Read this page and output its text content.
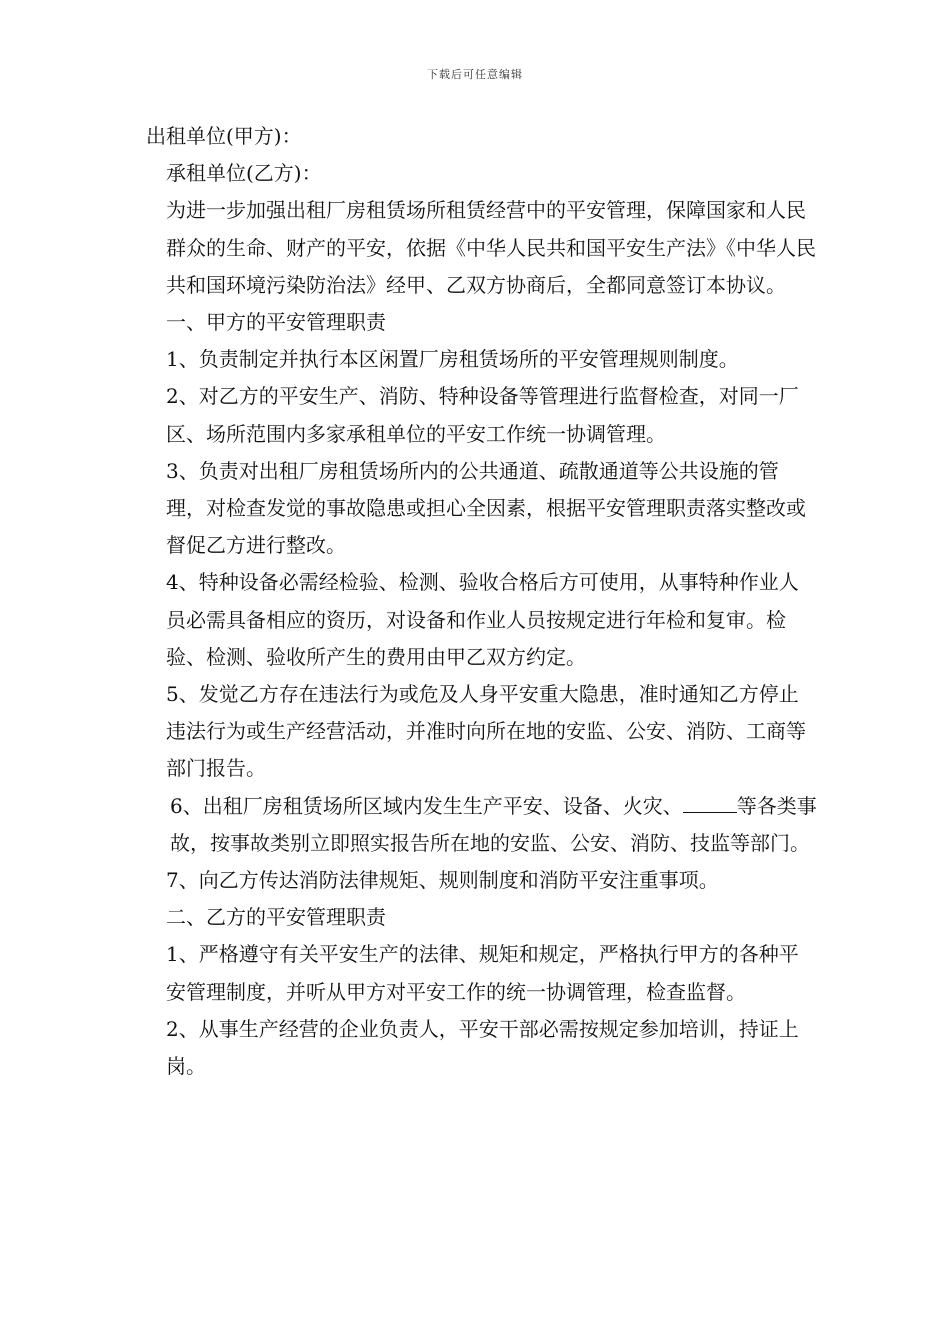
下载后可任意编辑

出租单位(甲方)：

承租单位(乙方)：

为进一步加强出租厂房租赁场所租赁经营中的平安管理，保障国家和人民群众的生命、财产的平安，依据《中华人民共和国平安生产法》《中华人民共和国环境污染防治法》经甲、乙双方协商后，全都同意签订本协议。

一、甲方的平安管理职责

1、负责制定并执行本区闲置厂房租赁场所的平安管理规则制度。

2、对乙方的平安生产、消防、特种设备等管理进行监督检查，对同一厂区、场所范围内多家承租单位的平安工作统一协调管理。

3、负责对出租厂房租赁场所内的公共通道、疏散通道等公共设施的管理，对检查发觉的事故隐患或担心全因素，根据平安管理职责落实整改或督促乙方进行整改。

4、特种设备必需经检验、检测、验收合格后方可使用，从事特种作业人员必需具备相应的资历，对设备和作业人员按规定进行年检和复审。检验、检测、验收所产生的费用由甲乙双方约定。

5、发觉乙方存在违法行为或危及人身平安重大隐患，准时通知乙方停止违法行为或生产经营活动，并准时向所在地的安监、公安、消防、工商等部门报告。

6、出租厂房租赁场所区域内发生生产平安、设备、火灾、	等各类事故，按事故类别立即照实报告所在地的安监、公安、消防、技监等部门。

7、向乙方传达消防法律规矩、规则制度和消防平安注重事项。

二、乙方的平安管理职责

1、严格遵守有关平安生产的法律、规矩和规定，严格执行甲方的各种平安管理制度，并听从甲方对平安工作的统一协调管理，检查监督。

2、从事生产经营的企业负责人，平安干部必需按规定参加培训，持证上岗。
